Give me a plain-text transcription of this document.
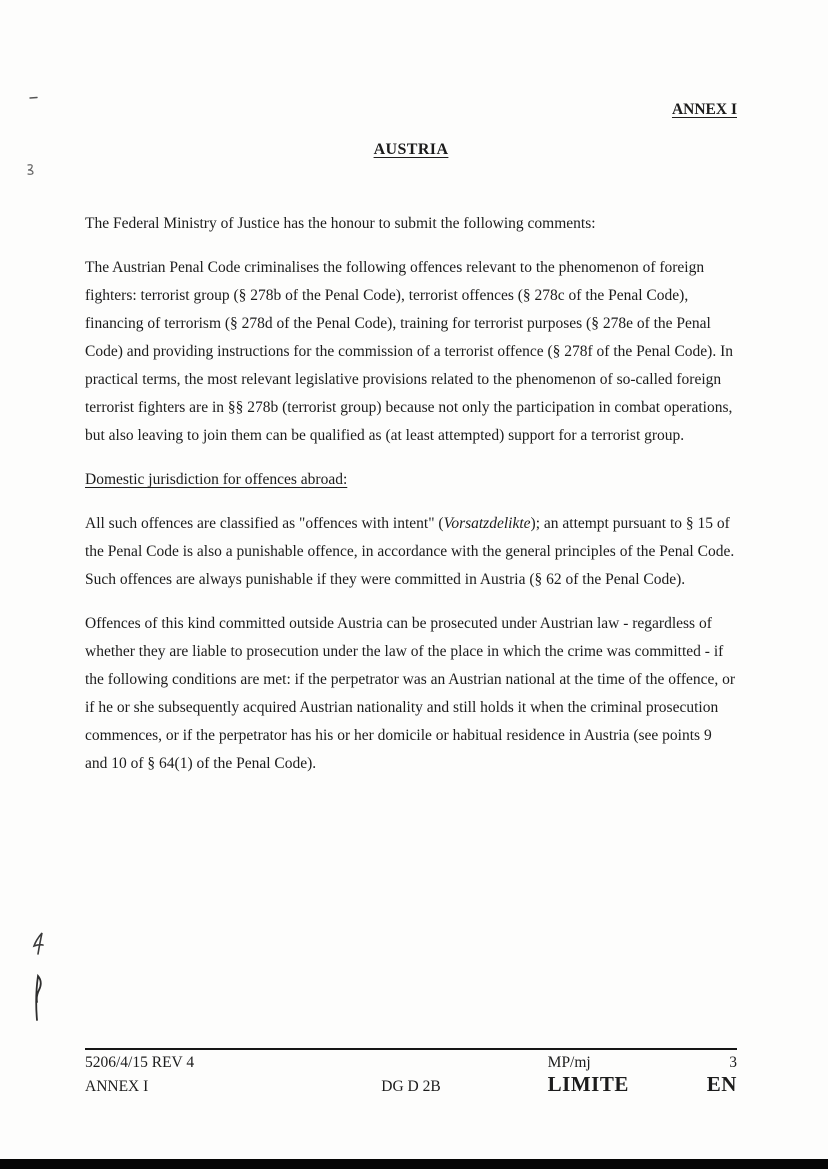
ANNEX I
AUSTRIA

The Federal Ministry of Justice has the honour to submit the following comments:

The Austrian Penal Code criminalises the following offences relevant to the phenomenon of foreign fighters: terrorist group (§ 278b of the Penal Code), terrorist offences (§ 278c of the Penal Code), financing of terrorism (§ 278d of the Penal Code), training for terrorist purposes (§ 278e of the Penal Code) and providing instructions for the commission of a terrorist offence (§ 278f of the Penal Code). In practical terms, the most relevant legislative provisions related to the phenomenon of so-called foreign terrorist fighters are in §§ 278b (terrorist group) because not only the participation in combat operations, but also leaving to join them can be qualified as (at least attempted) support for a terrorist group.

Domestic jurisdiction for offences abroad:

All such offences are classified as "offences with intent" (Vorsatzdelikte); an attempt pursuant to § 15 of the Penal Code is also a punishable offence, in accordance with the general principles of the Penal Code. Such offences are always punishable if they were committed in Austria (§ 62 of the Penal Code).

Offences of this kind committed outside Austria can be prosecuted under Austrian law - regardless of whether they are liable to prosecution under the law of the place in which the crime was committed - if the following conditions are met: if the perpetrator was an Austrian national at the time of the offence, or if he or she subsequently acquired Austrian nationality and still holds it when the criminal prosecution commences, or if the perpetrator has his or her domicile or habitual residence in Austria (see points 9 and 10 of § 64(1) of the Penal Code).

5206/4/15 REV 4	MP/mj	3
ANNEX I	DG D 2B	LIMITE	EN
